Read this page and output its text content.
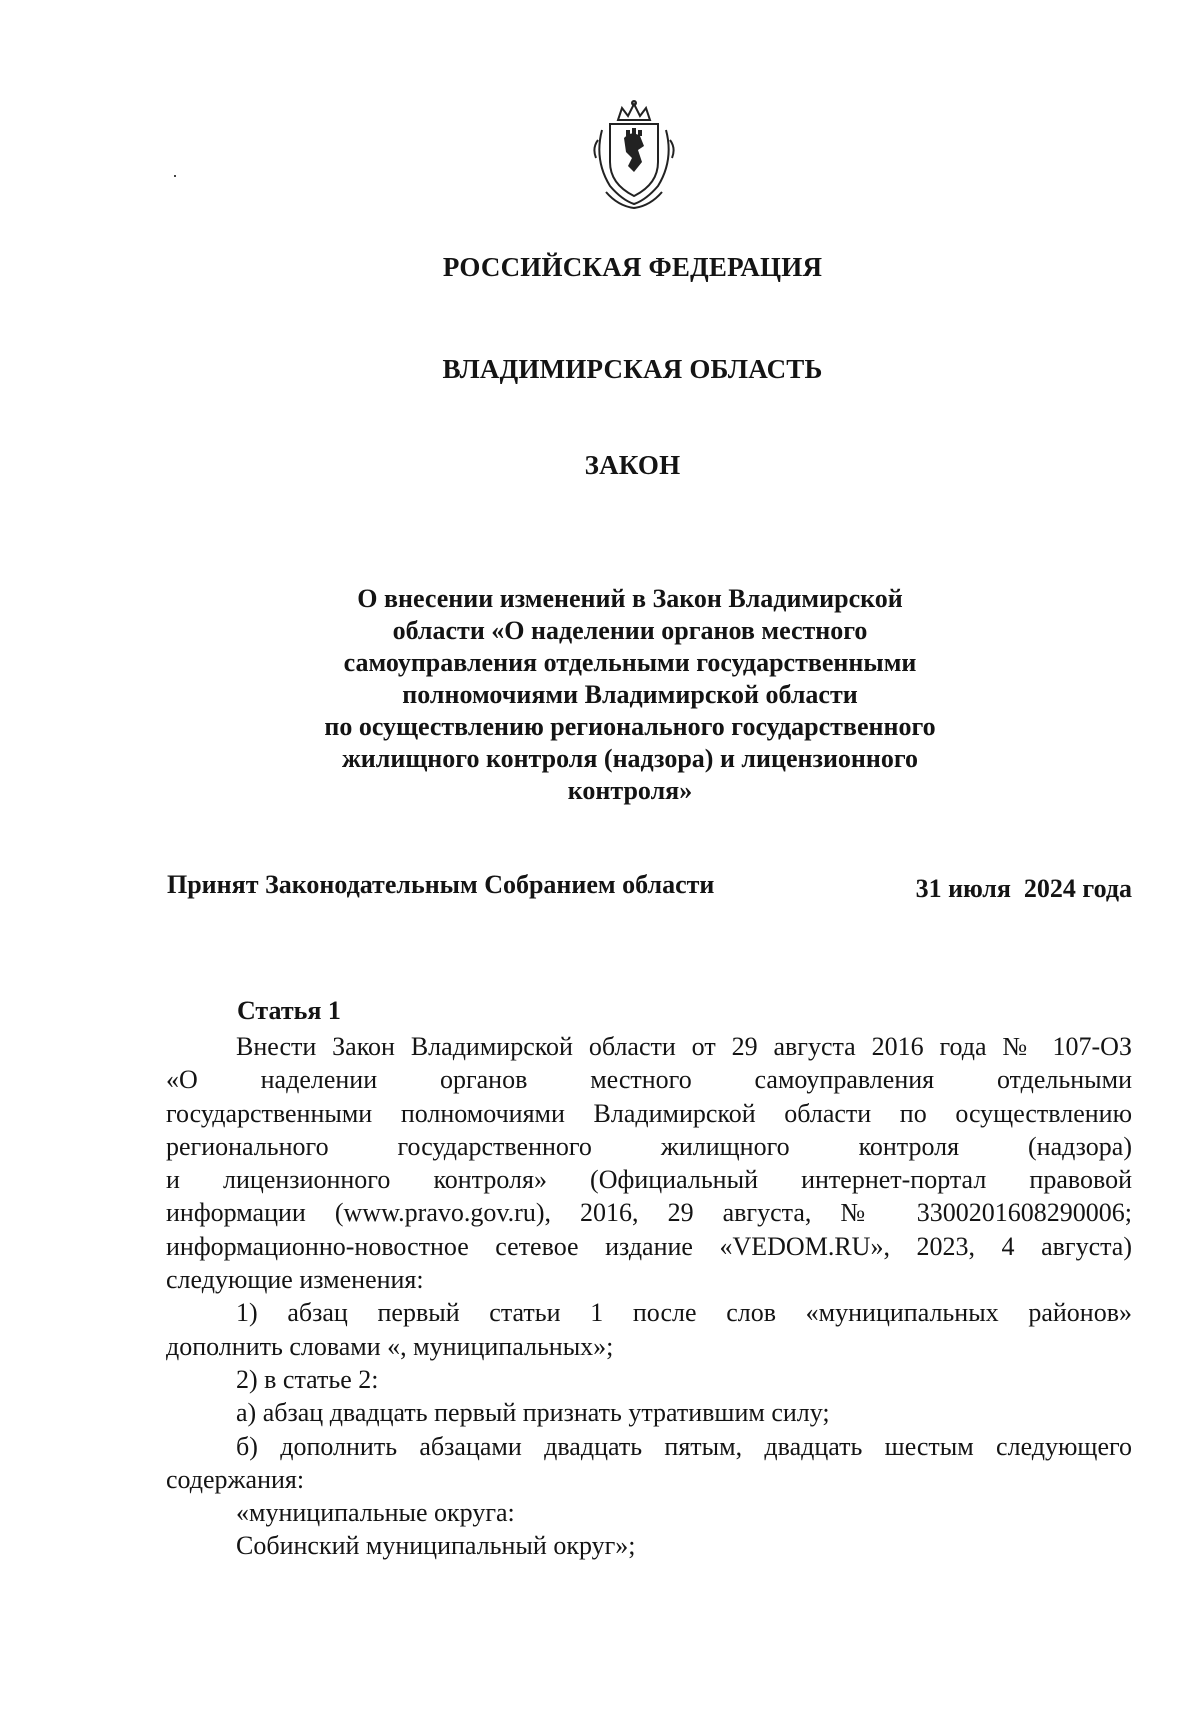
РОССИЙСКАЯ ФЕДЕРАЦИЯ
ВЛАДИМИРСКАЯ ОБЛАСТЬ
ЗАКОН
О внесении изменений в Закон Владимирской
области «О наделении органов местного
самоуправления отдельными государственными
полномочиями Владимирской области
по осуществлению регионального государственного
жилищного контроля (надзора) и лицензионного
контроля»
Принят Законодательным Собранием области	31 июля  2024 года
Статья 1
Внести Закон Владимирской области от 29 августа 2016 года № 107-ОЗ
«О наделении органов местного самоуправления отдельными
государственными полномочиями Владимирской области по осуществлению
регионального государственного жилищного контроля (надзора)
и лицензионного контроля» (Официальный интернет-портал правовой
информации (www.pravo.gov.ru), 2016, 29 августа, № 3300201608290006;
информационно-новостное сетевое издание «VEDOM.RU», 2023, 4 августа)
следующие изменения:
1) абзац первый статьи 1 после слов «муниципальных районов»
дополнить словами «, муниципальных»;
2) в статье 2:
а) абзац двадцать первый признать утратившим силу;
б) дополнить абзацами двадцать пятым, двадцать шестым следующего
содержания:
«муниципальные округа:
Собинский муниципальный округ»;
